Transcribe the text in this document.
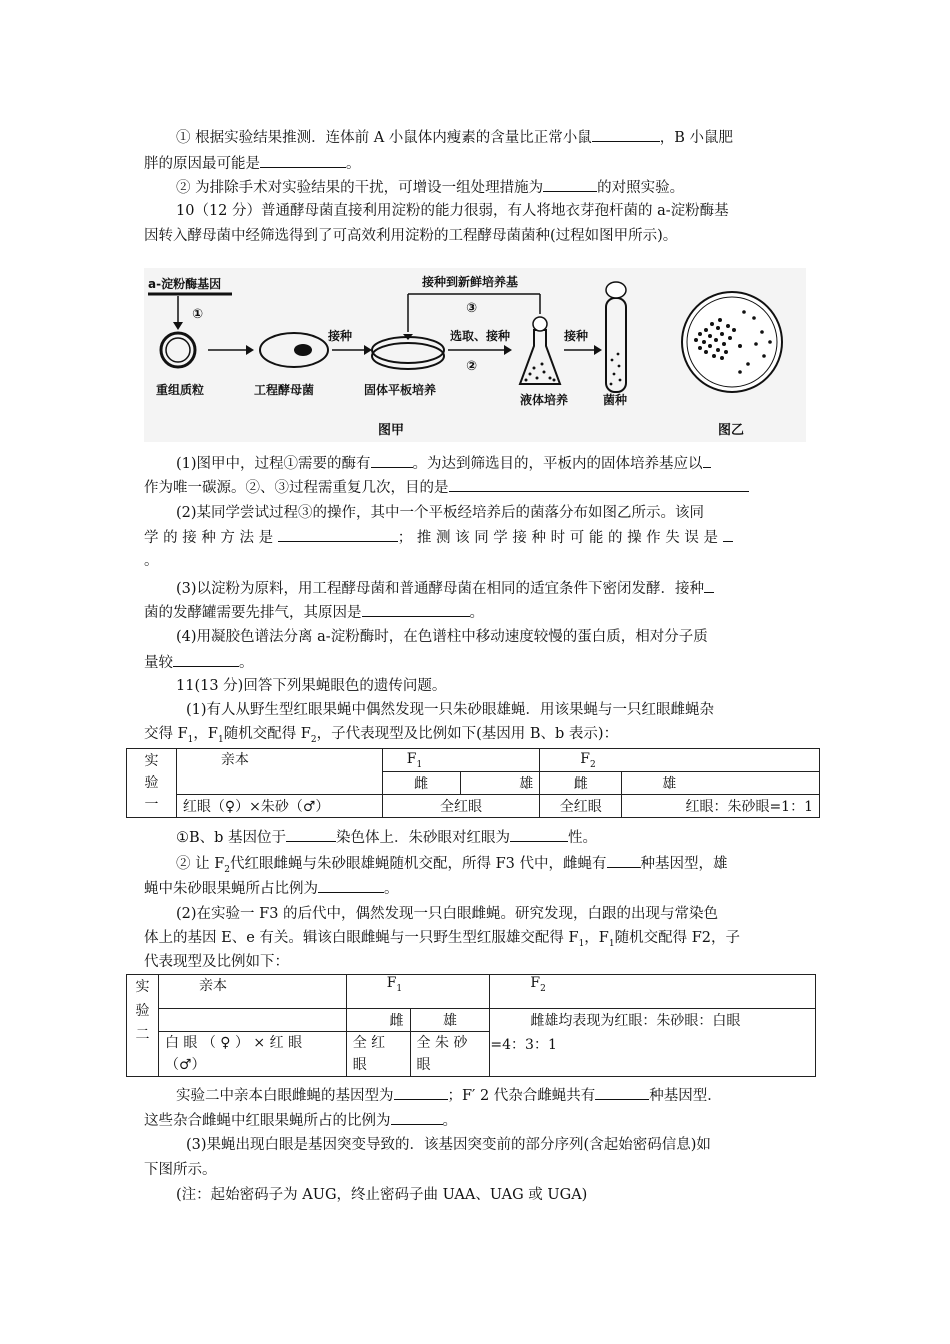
① 根据实验结果推测．连体前 A 小鼠体内瘦素的含量比正常小鼠	，B 小鼠肥
胖的原因最可能是	。
② 为排除手术对实验结果的干扰，可增设一组处理措施为	的对照实验。
10（12 分）普通酵母菌直接利用淀粉的能力很弱，有人将地衣芽孢杆菌的 a-淀粉酶基
因转入酵母菌中经筛选得到了可高效利用淀粉的工程酵母菌菌种(过程如图甲所示)。
a-淀粉酶基因
①
重组质粒	工程酵母菌
接种
固体平板培养
接种到新鲜培养基
③
选取、接种
②
液体培养
接种
菌种
图甲	图乙
(1)图甲中，过程①需要的酶有	。为达到筛选目的，平板内的固体培养基应以
作为唯一碳源。②、③过程需重复几次，目的是
(2)某同学尝试过程③的操作，其中一个平板经培养后的菌落分布如图乙所示。该同
学 的 接 种 方 法 是	； 推 测 该 同 学 接 种 时 可 能 的 操 作 失 误 是
。
(3)以淀粉为原料，用工程酵母菌和普通酵母菌在相同的适宜条件下密闭发酵．接种
菌的发酵罐需要先排气，其原因是	。
(4)用凝胶色谱法分离 a-淀粉酶时，在色谱柱中移动速度较慢的蛋白质，相对分子质
量较	。
11(13 分)回答下列果蝇眼色的遗传问题。
(1)有人从野生型红眼果蝇中偶然发现一只朱砂眼雄蝇．用该果蝇与一只红眼雌蝇杂
交得 $F_1$，$F_1$随机交配得 $F_2$，子代表现型及比例如下(基因用 B、b 表示)：
实
验
一	亲本	$F_1$		$F_2$
		雌	雄	雌	雄
	红眼（♀）×朱砂（♂）	全红眼		全红眼	红眼：朱砂眼=1：1
①B、b 基因位于	染色体上．朱砂眼对红眼为	性。
② 让 $F_2$代红眼雌蝇与朱砂眼雄蝇随机交配，所得 F3 代中，雌蝇有 种基因型，雄
蝇中朱砂眼果蝇所占比例为	。
(2)在实验一 F3 的后代中，偶然发现一只白眼雌蝇。研究发现，白跟的出现与常染色
体上的基因 E、e 有关。辑该白眼雌蝇与一只野生型红服雄交配得 $F_1$，$F_1$随机交配得 F2，子
代表现型及比例如下：
实
验
二	亲本	$F_1$		$F_2$
		雌	雄	雌雄均表现为红眼：朱砂眼：白眼
=4：3：1
	白 眼 （ ♀ ） × 红 眼
（♂）	全 红
眼	全 朱 砂
眼	
实验二中亲本白眼雌蝇的基因型为	；F′ 2 代杂合雌蝇共有	种基因型．
这些杂合雌蝇中红眼果蝇所占的比例为	。
(3)果蝇出现白眼是基因突变导致的．该基因突变前的部分序列(含起始密码信息)如
下图所示。
(注：起始密码子为 AUG，终止密码子曲 UAA、UAG 或 UGA)
